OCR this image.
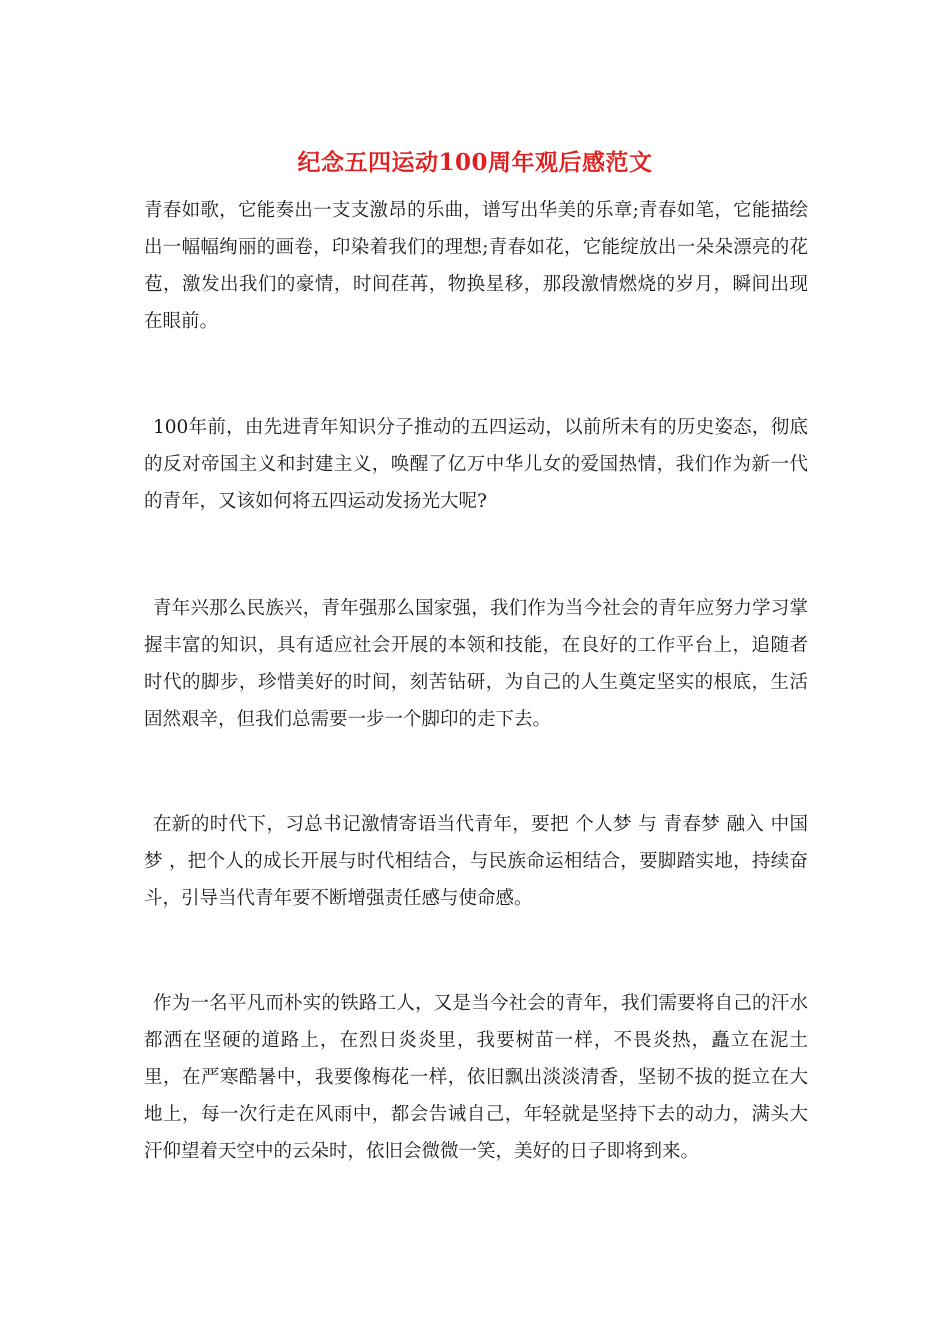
纪念五四运动100周年观后感范文

青春如歌，它能奏出一支支激昂的乐曲，谱写出华美的乐章;青春如笔，它能描绘出一幅幅绚丽的画卷，印染着我们的理想;青春如花，它能绽放出一朵朵漂亮的花苞，激发出我们的豪情，时间荏苒，物换星移，那段激情燃烧的岁月，瞬间出现在眼前。

100年前，由先进青年知识分子推动的五四运动，以前所未有的历史姿态，彻底的反对帝国主义和封建主义，唤醒了亿万中华儿女的爱国热情，我们作为新一代的青年，又该如何将五四运动发扬光大呢?

青年兴那么民族兴，青年强那么国家强，我们作为当今社会的青年应努力学习掌握丰富的知识，具有适应社会开展的本领和技能，在良好的工作平台上，追随者时代的脚步，珍惜美好的时间，刻苦钻研，为自己的人生奠定坚实的根底，生活固然艰辛，但我们总需要一步一个脚印的走下去。

在新的时代下，习总书记激情寄语当代青年，要把 个人梦 与 青春梦 融入 中国梦 ，把个人的成长开展与时代相结合，与民族命运相结合，要脚踏实地，持续奋斗，引导当代青年要不断增强责任感与使命感。

作为一名平凡而朴实的铁路工人，又是当今社会的青年，我们需要将自己的汗水都洒在坚硬的道路上，在烈日炎炎里，我要树苗一样，不畏炎热，矗立在泥土里，在严寒酷暑中，我要像梅花一样，依旧飘出淡淡清香，坚韧不拔的挺立在大地上，每一次行走在风雨中，都会告诫自己，年轻就是坚持下去的动力，满头大汗仰望着天空中的云朵时，依旧会微微一笑，美好的日子即将到来。
